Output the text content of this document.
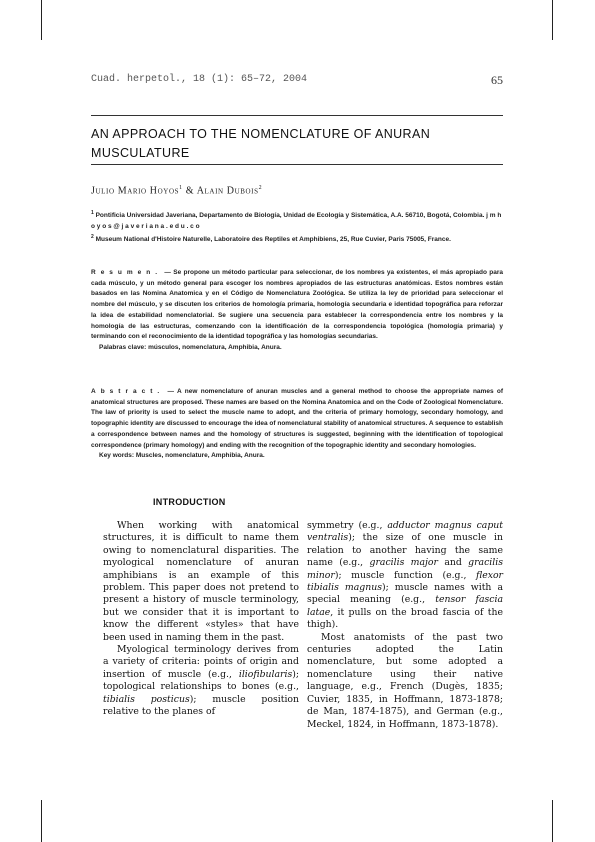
Cuad. herpetol., 18 (1): 65–72, 2004	65
AN APPROACH TO THE NOMENCLATURE OF ANURAN MUSCULATURE
Julio Mario Hoyos$^1$ & Alain Dubois$^2$

$^1$ Pontificia Universidad Javeriana, Departamento de Biología, Unidad de Ecología y Sistemática, A.A. 56710, Bogotá, Colombia. j m h o y o s @ j a v e r i a n a . e d u . c o

$^2$ Museum National d'Histoire Naturelle, Laboratoire des Reptiles et Amphibiens, 25, Rue Cuvier, Paris 75005, France.

Resumen. — Se propone un método particular para seleccionar, de los nombres ya existentes, el más apropiado para cada músculo, y un método general para escoger los nombres apropiados de las estructuras anatómicas. Estos nombres están basados en las Nomina Anatomica y en el Código de Nomenclatura Zoológica. Se utiliza la ley de prioridad para seleccionar el nombre del músculo, y se discuten los criterios de homología primaria, homología secundaria e identidad topográfica para reforzar la idea de estabilidad nomenclatorial. Se sugiere una secuencia para establecer la correspondencia entre los nombres y la homología de las estructuras, comenzando con la identificación de la correspondencia topológica (homología primaria) y terminando con el reconocimiento de la identidad topográfica y las homologías secundarias.

Palabras clave: músculos, nomenclatura, Amphibia, Anura.

Abstract. — A new nomenclature of anuran muscles and a general method to choose the appropriate names of anatomical structures are proposed. These names are based on the Nomina Anatomica and on the Code of Zoological Nomenclature. The law of priority is used to select the muscle name to adopt, and the criteria of primary homology, secondary homology, and topographic identity are discussed to encourage the idea of nomenclatural stability of anatomical structures. A sequence to establish a correspondence between names and the homology of structures is suggested, beginning with the identification of topological correspondence (primary homology) and ending with the recognition of the topographic identity and secondary homologies.

Key words: Muscles, nomenclature, Amphibia, Anura.

INTRODUCTION

When working with anatomical structures, it is difficult to name them owing to nomenclatural disparities. The myological nomenclature of anuran amphibians is an example of this problem. This paper does not pretend to present a history of muscle terminology, but we consider that it is important to know the different «styles» that have been used in naming them in the past.

Myological terminology derives from a variety of criteria: points of origin and insertion of muscle (e.g., iliofibularis); topological relationships to bones (e.g., tibialis posticus); muscle position relative to the planes of

symmetry (e.g., adductor magnus caput ventralis); the size of one muscle in relation to another having the same name (e.g., gracilis major and gracilis minor); muscle function (e.g., flexor tibialis magnus); muscle names with a special meaning (e.g., tensor fascia latae, it pulls on the broad fascia of the thigh).

Most anatomists of the past two centuries adopted the Latin nomenclature, but some adopted a nomenclature using their native language, e.g., French (Dugès, 1835; Cuvier, 1835, in Hoffmann, 1873-1878; de Man, 1874-1875), and German (e.g., Meckel, 1824, in Hoffmann, 1873-1878).
